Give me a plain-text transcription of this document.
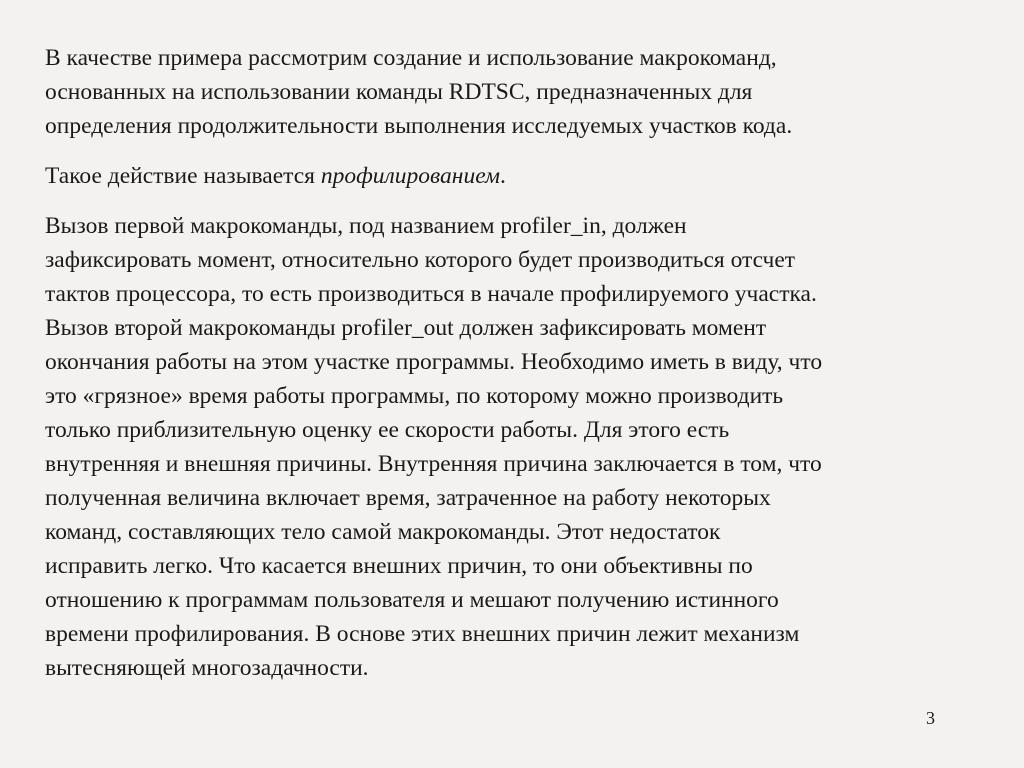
В качестве примера рассмотрим создание и использование макрокоманд,
основанных на использовании команды RDTSC, предназначенных для
определения продолжительности выполнения исследуемых участков кода.

Такое действие называется профилированием.

Вызов первой макрокоманды, под названием profiler_in, должен
зафиксировать момент, относительно которого будет производиться отсчет
тактов процессора, то есть производиться в начале профилируемого участка.
Вызов второй макрокоманды profiler_out должен зафиксировать момент
окончания работы на этом участке программы. Необходимо иметь в виду, что
это «грязное» время работы программы, по которому можно производить
только приблизительную оценку ее скорости работы. Для этого есть
внутренняя и внешняя причины. Внутренняя причина заключается в том, что
полученная величина включает время, затраченное на работу некоторых
команд, составляющих тело самой макрокоманды. Этот недостаток
исправить легко. Что касается внешних причин, то они объективны по
отношению к программам пользователя и мешают получению истинного
времени профилирования. В основе этих внешних причин лежит механизм
вытесняющей многозадачности.

3
